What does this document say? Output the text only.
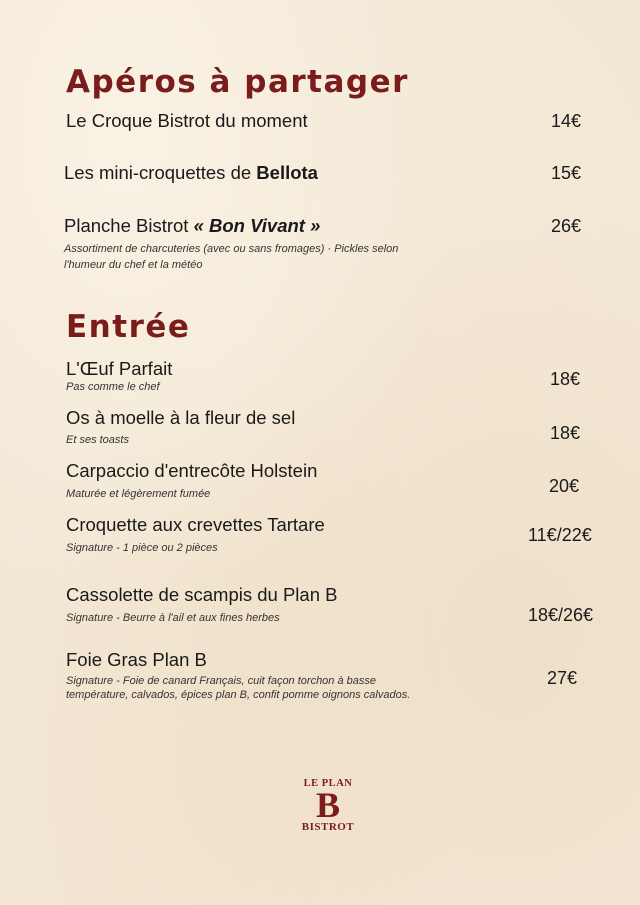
Apéros à partager
Le Croque Bistrot du moment	14€
Les mini-croquettes de Bellota	15€
Planche Bistrot « Bon Vivant »	26€
Assortiment de charcuteries (avec ou sans fromages) · Pickles selon
l'humeur du chef et la météo
Entrée
L'Œuf Parfait
Pas comme le chef	18€
Os à moelle à la fleur de sel
Et ses toasts	18€
Carpaccio d'entrecôte Holstein
Maturée et légèrement fumée	20€
Croquette aux crevettes Tartare
Signature - 1 pièce ou 2 pièces
11€/22€
Cassolette de scampis du Plan B
Signature - Beurre à l'ail et aux fines herbes	18€/26€
Foie Gras Plan B
Signature - Foie de canard Français, cuit façon torchon à basse
température, calvados, épices plan B, confit pomme oignons calvados.
27€
LE PLAN
B
BISTROT
